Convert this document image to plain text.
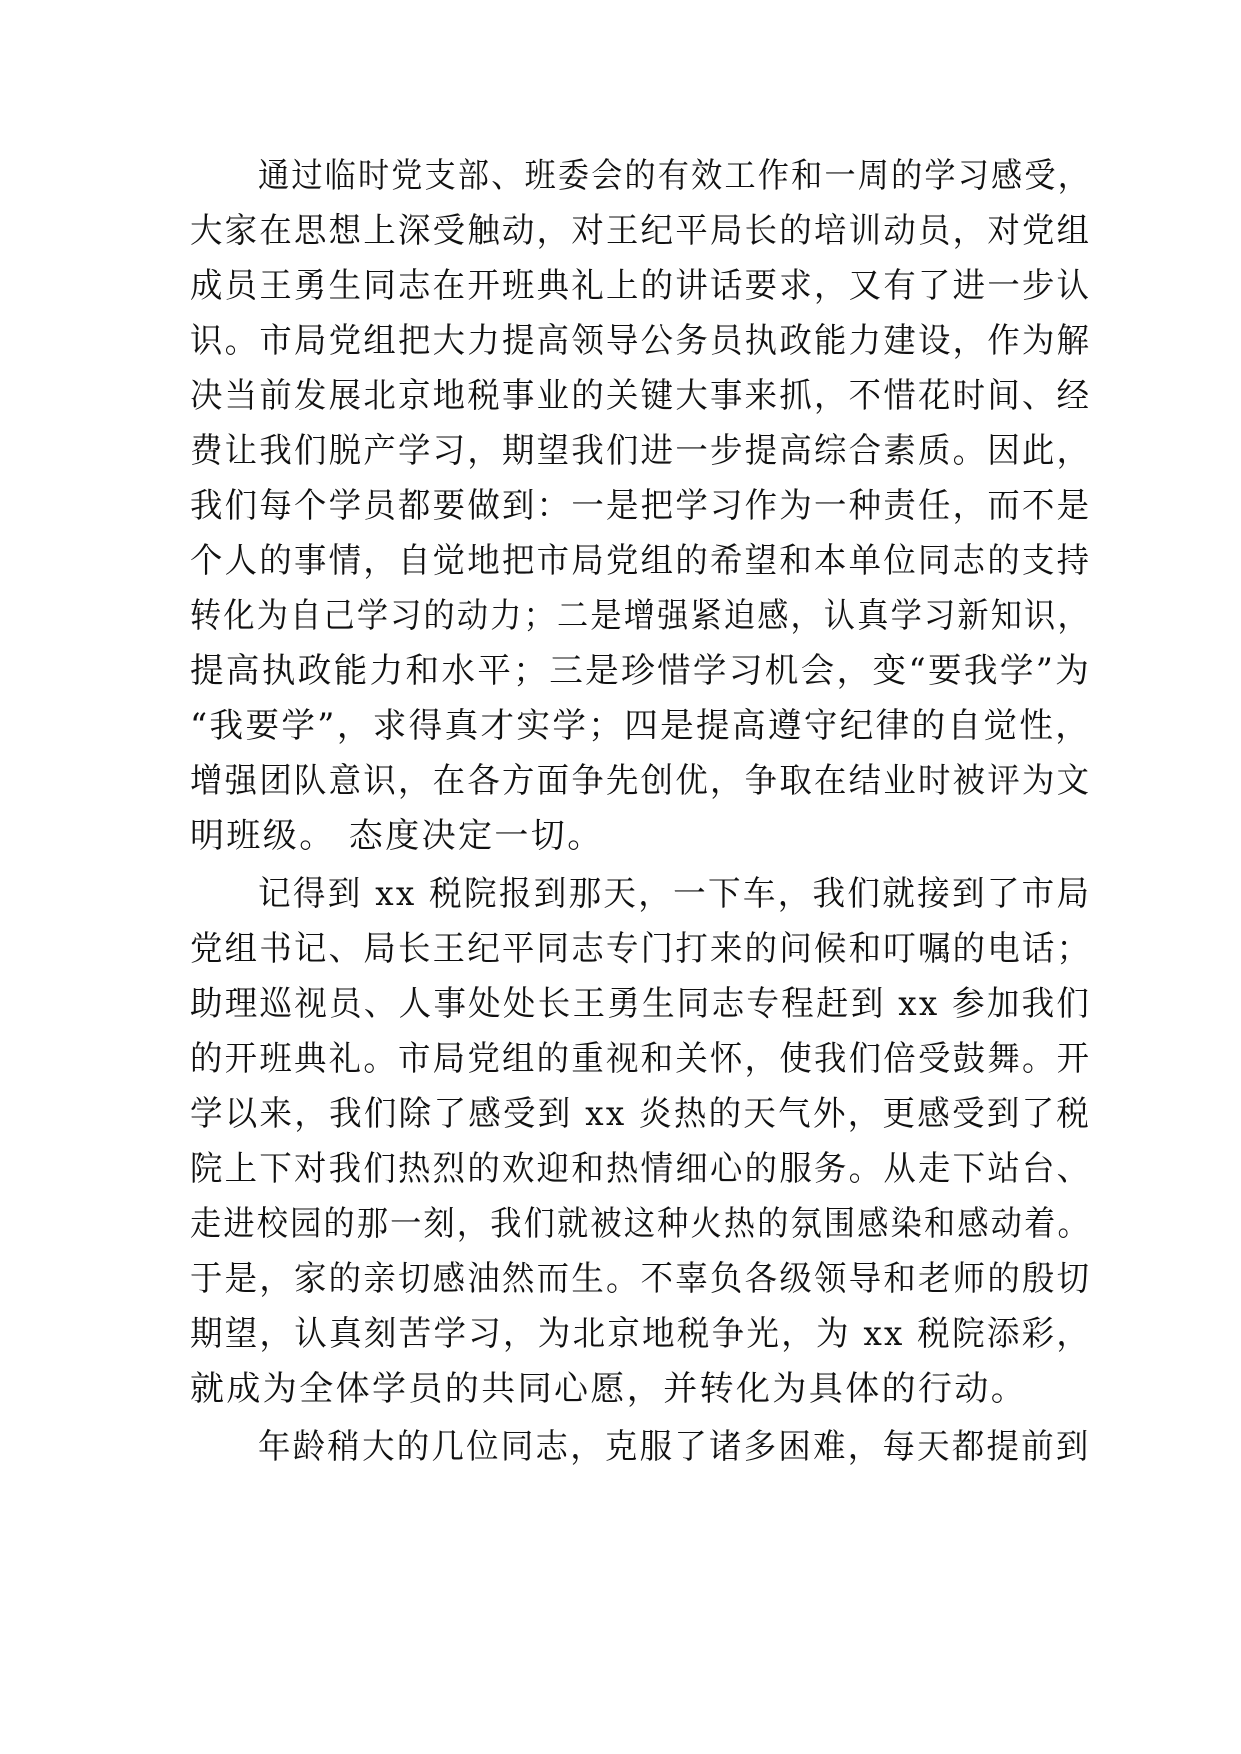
通过临时党支部、班委会的有效工作和一周的学习感受，
大家在思想上深受触动，对王纪平局长的培训动员，对党组
成员王勇生同志在开班典礼上的讲话要求，又有了进一步认
识。市局党组把大力提高领导公务员执政能力建设，作为解
决当前发展北京地税事业的关键大事来抓，不惜花时间、经
费让我们脱产学习，期望我们进一步提高综合素质。因此，
我们每个学员都要做到：一是把学习作为一种责任，而不是
个人的事情，自觉地把市局党组的希望和本单位同志的支持
转化为自己学习的动力；二是增强紧迫感，认真学习新知识，
提高执政能力和水平；三是珍惜学习机会，变“要我学”为
“我要学”，求得真才实学；四是提高遵守纪律的自觉性，
增强团队意识，在各方面争先创优，争取在结业时被评为文
明班级。 态度决定一切。
记得到 xx 税院报到那天，一下车，我们就接到了市局
党组书记、局长王纪平同志专门打来的问候和叮嘱的电话；
助理巡视员、人事处处长王勇生同志专程赶到 xx 参加我们
的开班典礼。市局党组的重视和关怀，使我们倍受鼓舞。开
学以来，我们除了感受到 xx 炎热的天气外，更感受到了税
院上下对我们热烈的欢迎和热情细心的服务。从走下站台、
走进校园的那一刻，我们就被这种火热的氛围感染和感动着。
于是，家的亲切感油然而生。不辜负各级领导和老师的殷切
期望，认真刻苦学习，为北京地税争光，为 xx 税院添彩，
就成为全体学员的共同心愿，并转化为具体的行动。
年龄稍大的几位同志，克服了诸多困难，每天都提前到
